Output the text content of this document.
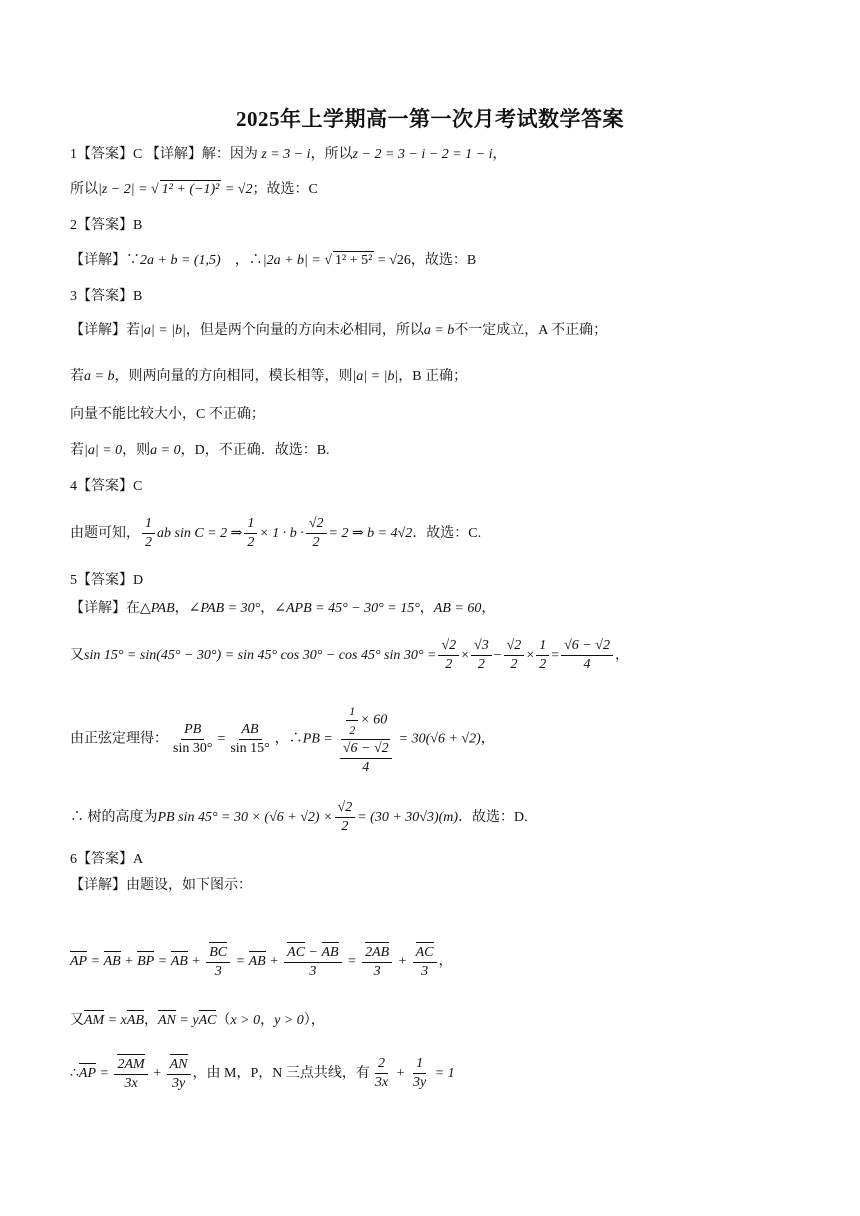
2025年上学期高一第一次月考试数学答案
1【答案】C 【详解】解：因为 z = 3 − i，所以z − 2 = 3 − i − 2 = 1 − i，
所以|z − 2| = √ 1² + (−1)² = √2；故选：C
2【答案】B
【详解】∵2a + b = (1,5) ，∴|2a + b| = √ 1² + 5² = √26，故选：B
3【答案】B
【详解】若|a| = |b|，但是两个向量的方向未必相同，所以a = b不一定成立，A 不正确；
若a = b，则两向量的方向相同，模长相等，则|a| = |b|，B 正确；
向量不能比较大小，C 不正确；
若|a| = 0，则a = 0，D，不正确．故选：B.
4【答案】C
由题可知， $\frac{1}{2}$ ab sin C = 2 ⇒ $\frac{1}{2} \times 1 \cdot b \cdot \frac{√2}{2} = 2$ ⇒ b = 4√2．故选：C.
5【答案】D
【详解】在△PAB，∠PAB = 30°，∠APB = 45° − 30° = 15°，AB = 60，
又sin 15° = sin(45° − 30°) = sin 45° cos 30° − cos 45° $\sin 30^\circ = \frac{√2}{2} \times \frac{√3}{2} - \frac{√2}{2} \times \frac{1}{2} = \frac{√6 - √2}{4}$ ，
由正弦定理得： $\frac{PB}{\sin 30^\circ} = \frac{AB}{\sin 15^\circ}$ ，∴PB = $\frac{\frac{1}{2} \times 60}{\frac{√6 - √2}{4}} = 30(√6 + √2)$，
∴ 树的高度为PB $\sin 45^\circ = 30 \times (√6 + √2) \times \frac{√2}{2} = (30 + 30√3)(m)$．故选：D.
6【答案】A
【详解】由题设，如下图示：
AP = AB + BP = AB + $\frac{BC}{3}$ = AB + $\frac{AC - AB}{3} = \frac{2AB}{3} + \frac{AC}{3}$ ，
又AM = xAB，AN = yAC（x > 0，y > 0），
∴AP = $\frac{2AM}{3x} + \frac{AN}{3y}$ ，由 M，P，N 三点共线，有 $\frac{2}{3x} + \frac{1}{3y} = 1$
